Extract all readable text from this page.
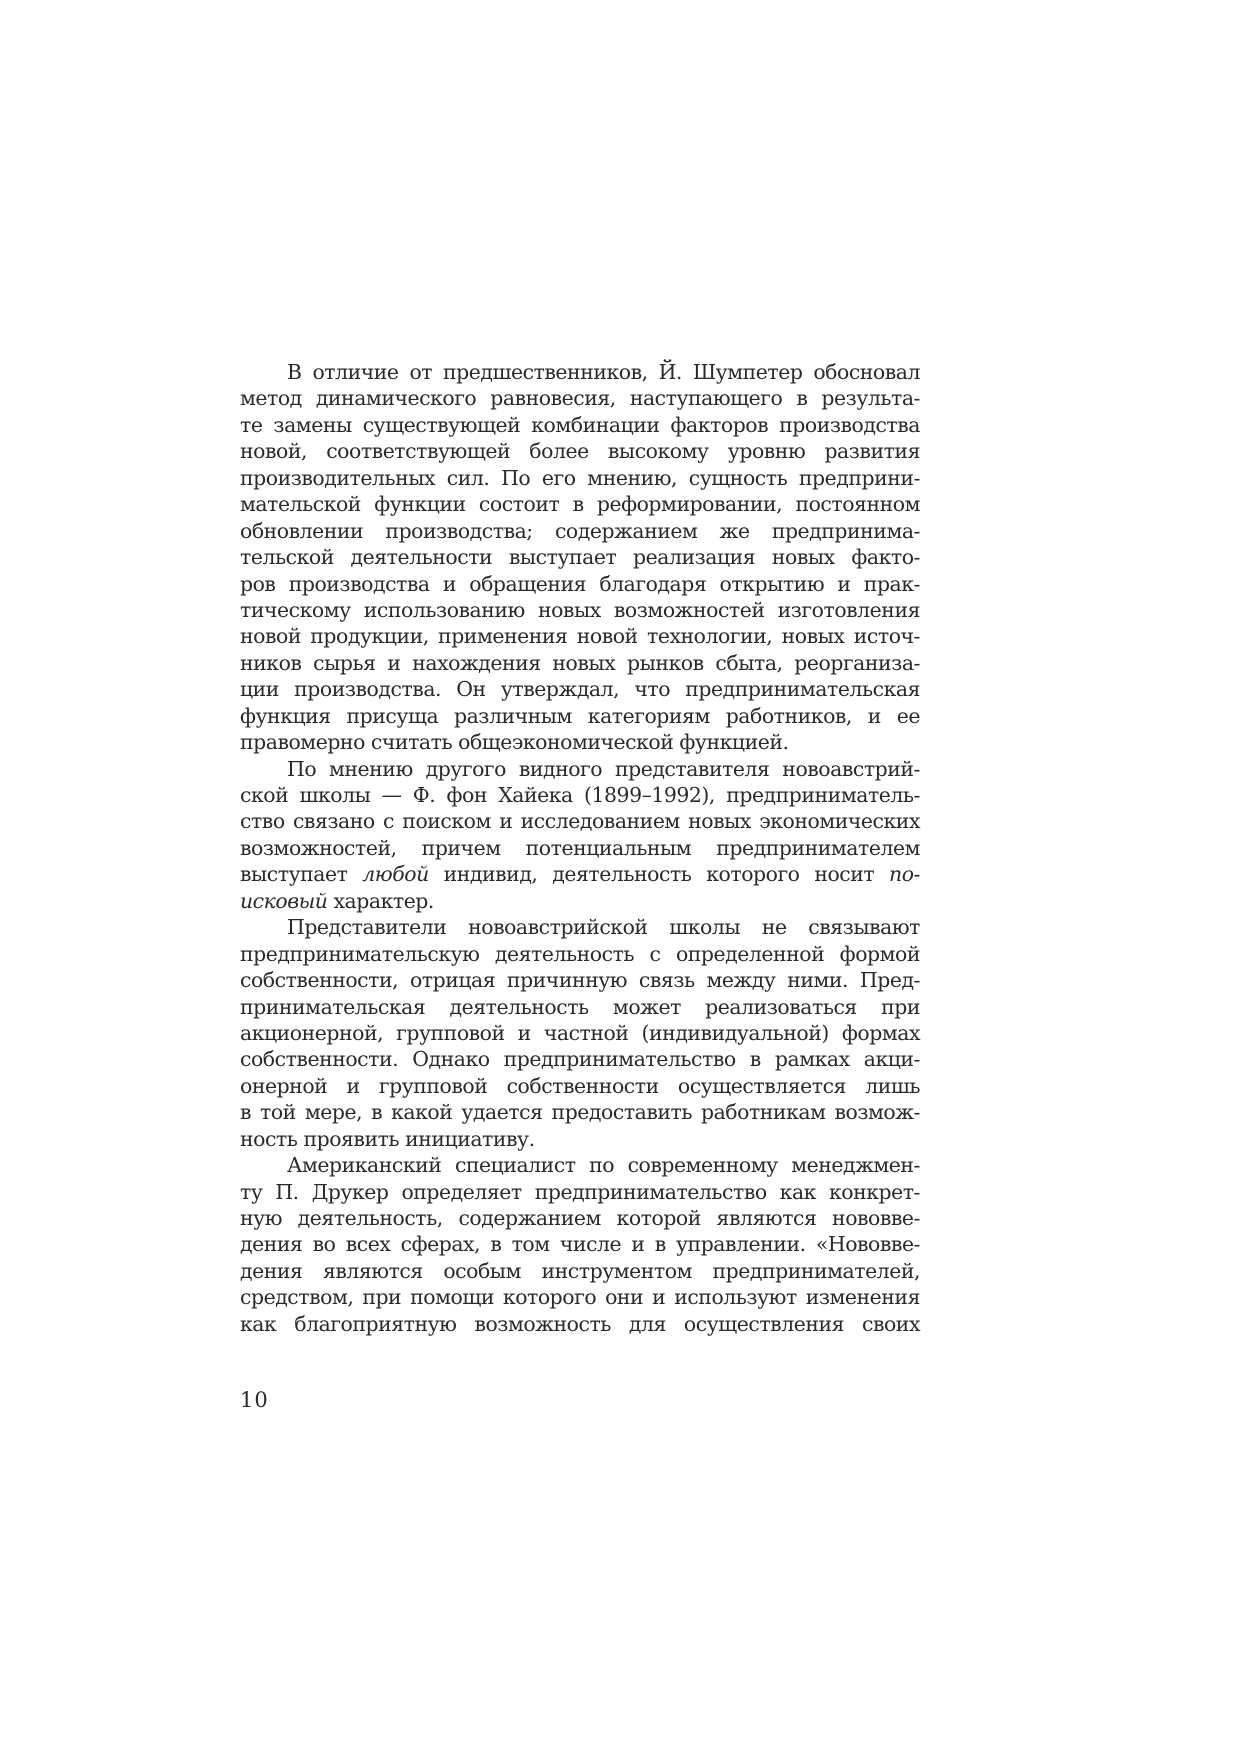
В отличие от предшественников, Й. Шумпетер обосновал
метод динамического равновесия, наступающего в результа-
те замены существующей комбинации факторов производства
новой, соответствующей более высокому уровню развития
производительных сил. По его мнению, сущность предприни-
мательской функции состоит в реформировании, постоянном
обновлении производства; содержанием же предпринима-
тельской деятельности выступает реализация новых факто-
ров производства и обращения благодаря открытию и прак-
тическому использованию новых возможностей изготовления
новой продукции, применения новой технологии, новых источ-
ников сырья и нахождения новых рынков сбыта, реорганиза-
ции производства. Он утверждал, что предпринимательская
функция присуща различным категориям работников, и ее
правомерно считать общеэкономической функцией.
По мнению другого видного представителя новоавстрий-
ской школы — Ф. фон Хайека (1899–1992), предприниматель-
ство связано с поиском и исследованием новых экономических
возможностей, причем потенциальным предпринимателем
выступает любой индивид, деятельность которого носит по-
исковый характер.
Представители новоавстрийской школы не связывают
предпринимательскую деятельность с определенной формой
собственности, отрицая причинную связь между ними. Пред-
принимательская деятельность может реализоваться при
акционерной, групповой и частной (индивидуальной) формах
собственности. Однако предпринимательство в рамках акци-
онерной и групповой собственности осуществляется лишь
в той мере, в какой удается предоставить работникам возмож-
ность проявить инициативу.
Американский специалист по современному менеджмен-
ту П. Друкер определяет предпринимательство как конкрет-
ную деятельность, содержанием которой являются нововве-
дения во всех сферах, в том числе и в управлении. «Нововве-
дения являются особым инструментом предпринимателей,
средством, при помощи которого они и используют изменения
как благоприятную возможность для осуществления своих
10
